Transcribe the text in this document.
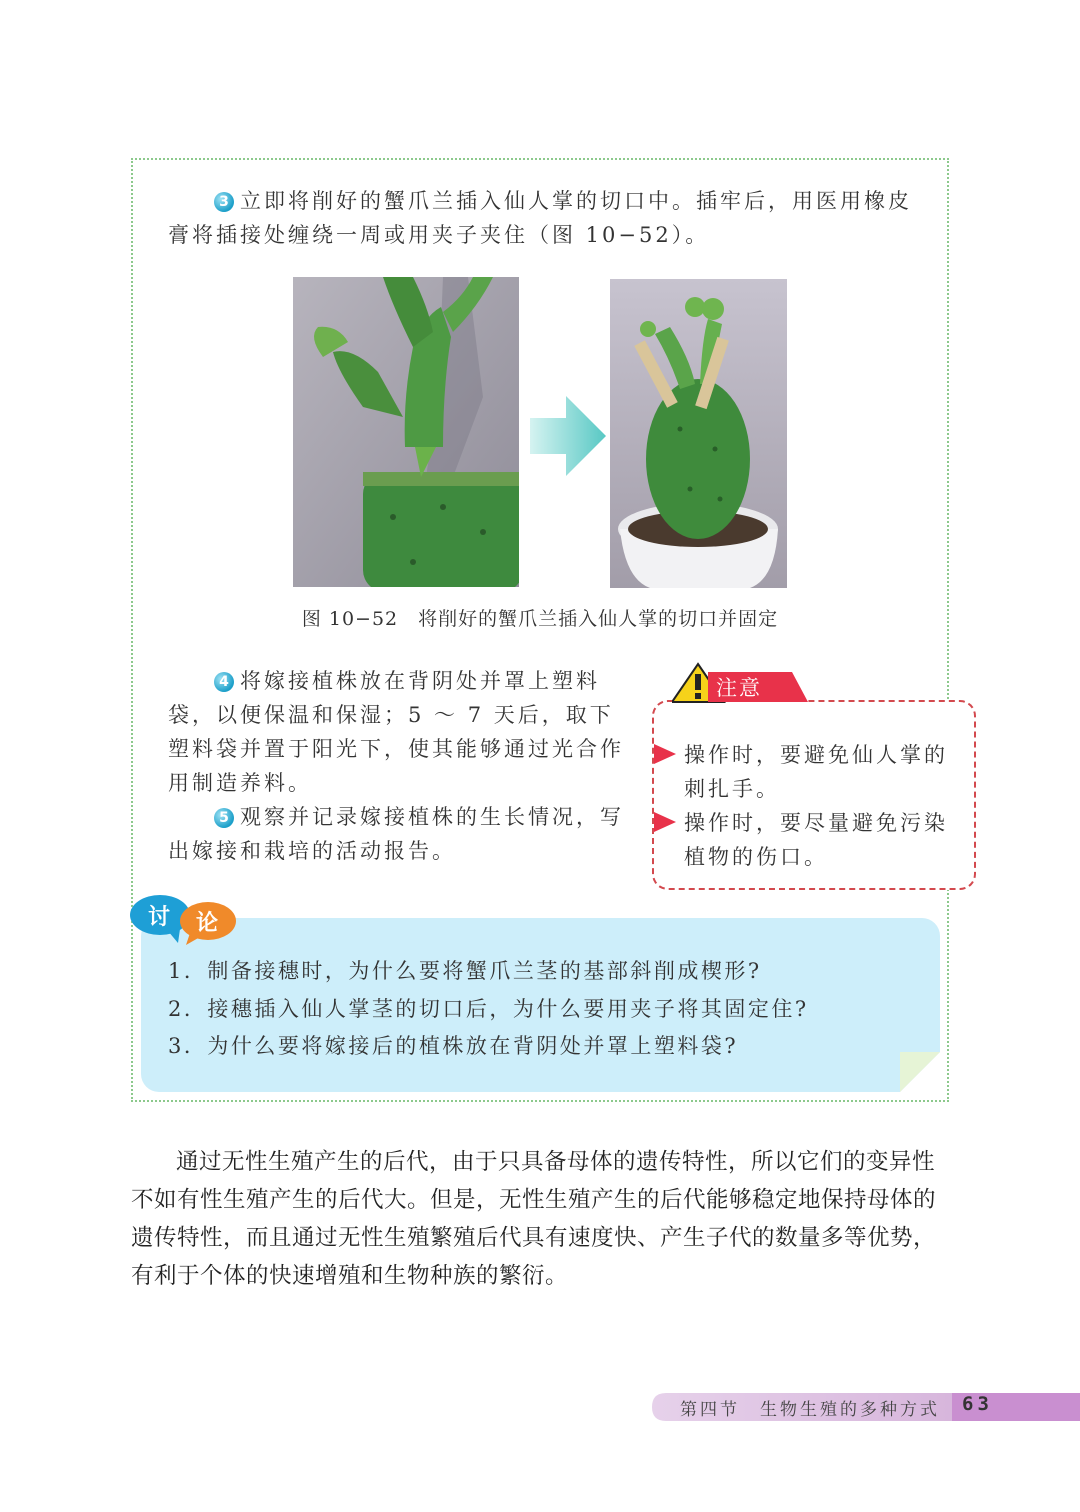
3 立即将削好的蟹爪兰插入仙人掌的切口中。插牢后，用医用橡皮膏将插接处缠绕一周或用夹子夹住（图 10−52）。
图 10−52　将削好的蟹爪兰插入仙人掌的切口并固定
4 将嫁接植株放在背阴处并罩上塑料袋，以便保温和保湿；5 ～ 7 天后，取下塑料袋并置于阳光下，使其能够通过光合作用制造养料。
5 观察并记录嫁接植株的生长情况，写出嫁接和栽培的活动报告。
注意
操作时，要避免仙人掌的刺扎手。
操作时，要尽量避免污染植物的伤口。
讨 论
1．制备接穗时，为什么要将蟹爪兰茎的基部斜削成楔形?
2．接穗插入仙人掌茎的切口后，为什么要用夹子将其固定住?
3．为什么要将嫁接后的植株放在背阴处并罩上塑料袋?
通过无性生殖产生的后代，由于只具备母体的遗传特性，所以它们的变异性不如有性生殖产生的后代大。但是，无性生殖产生的后代能够稳定地保持母体的遗传特性，而且通过无性生殖繁殖后代具有速度快、产生子代的数量多等优势，有利于个体的快速增殖和生物种族的繁衍。
第四节　生物生殖的多种方式 63
